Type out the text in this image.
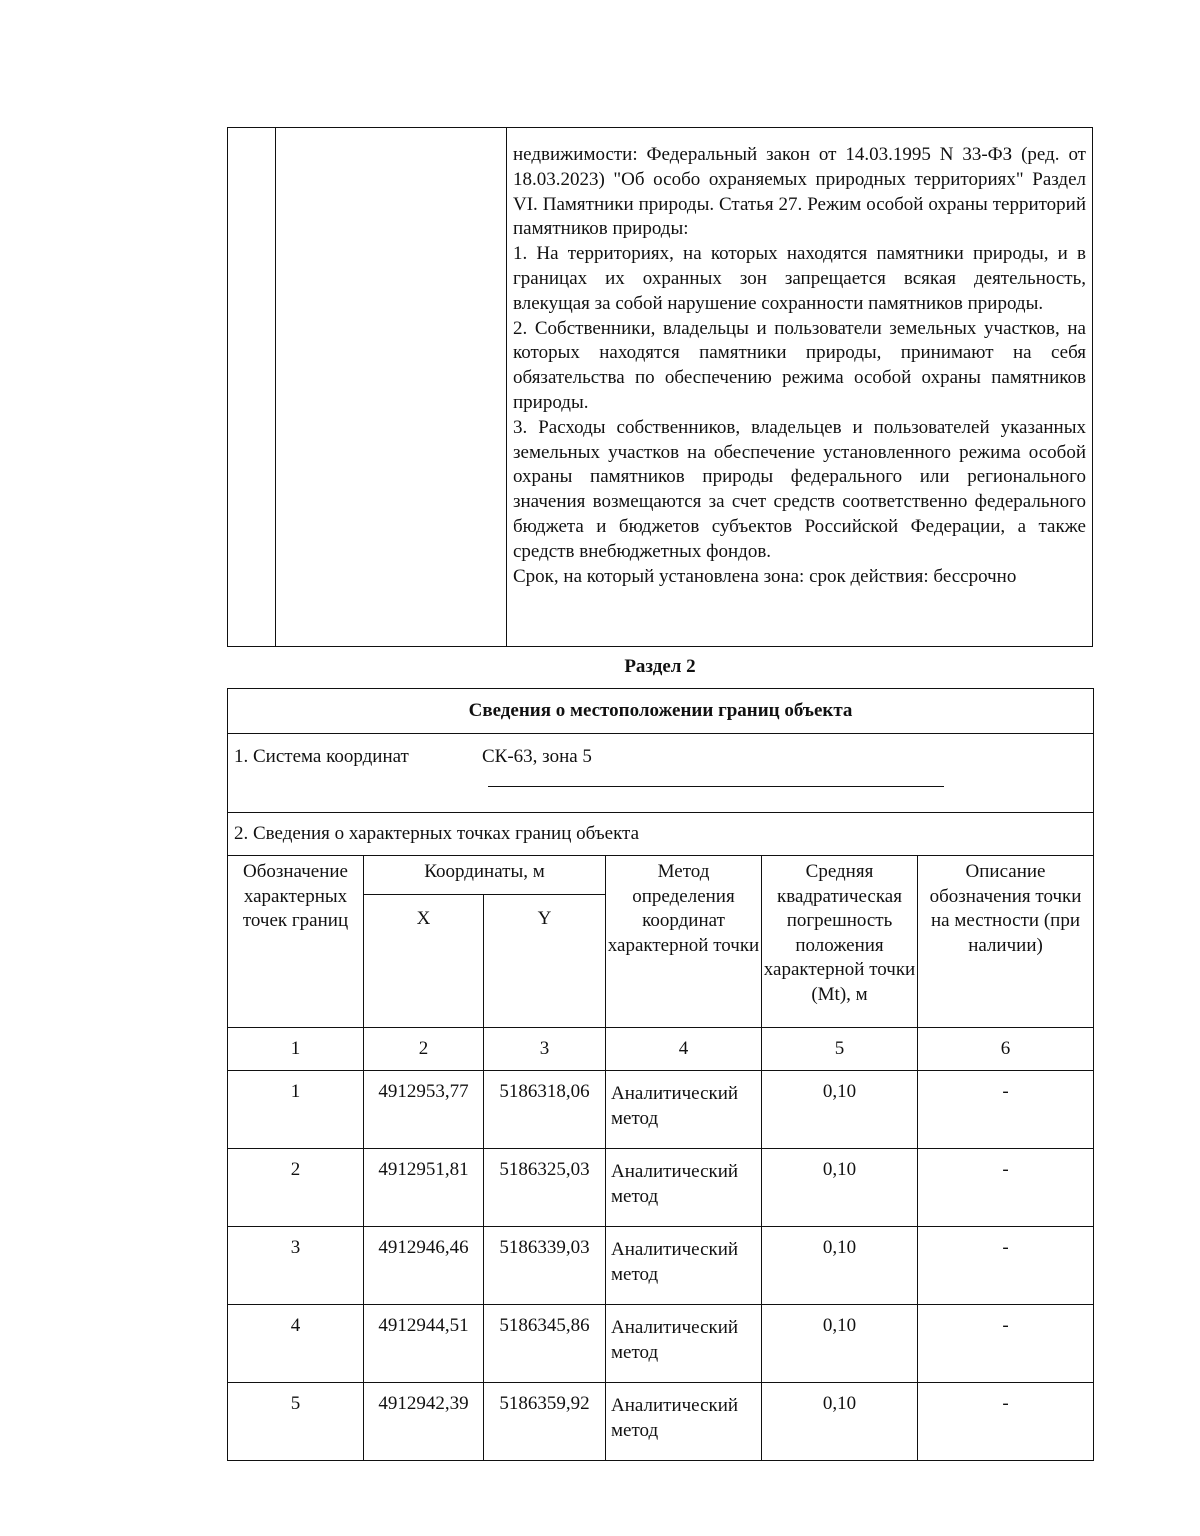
недвижимости: Федеральный закон от 14.03.1995 N 33-ФЗ (ред. от 18.03.2023) "Об особо охраняемых природных территориях" Раздел VI. Памятники природы. Статья 27. Режим особой охраны территорий памятников природы:

1. На территориях, на которых находятся памятники природы, и в границах их охранных зон запрещается всякая деятельность, влекущая за собой нарушение сохранности памятников природы.

2. Собственники, владельцы и пользователи земельных участков, на которых находятся памятники природы, принимают на себя обязательства по обеспечению режима особой охраны памятников природы.

3. Расходы собственников, владельцев и пользователей указанных земельных участков на обеспечение установленного режима особой охраны памятников природы федерального или регионального значения возмещаются за счет средств соответственно федерального бюджета и бюджетов субъектов Российской Федерации, а также средств внебюджетных фондов.

Срок, на который установлена зона: срок действия: бессрочно

Раздел 2
Сведения о местоположении границ объекта					
1. Система координат СК-63, зона 5					

2. Сведения о характерных точках границ объекта					
Обозначение характерных точек границ	Координаты, м		Метод определения координат характерной точки	Средняя квадратическая погрешность положения характерной точки (Mt), м	Описание обозначения точки на местности (при наличии)
	X	Y			
1	2	3	4	5	6
1	4912953,77	5186318,06	Аналитический метод	0,10	-
2	4912951,81	5186325,03	Аналитический метод	0,10	-
3	4912946,46	5186339,03	Аналитический метод	0,10	-
4	4912944,51	5186345,86	Аналитический метод	0,10	-
5	4912942,39	5186359,92	Аналитический метод	0,10	-
